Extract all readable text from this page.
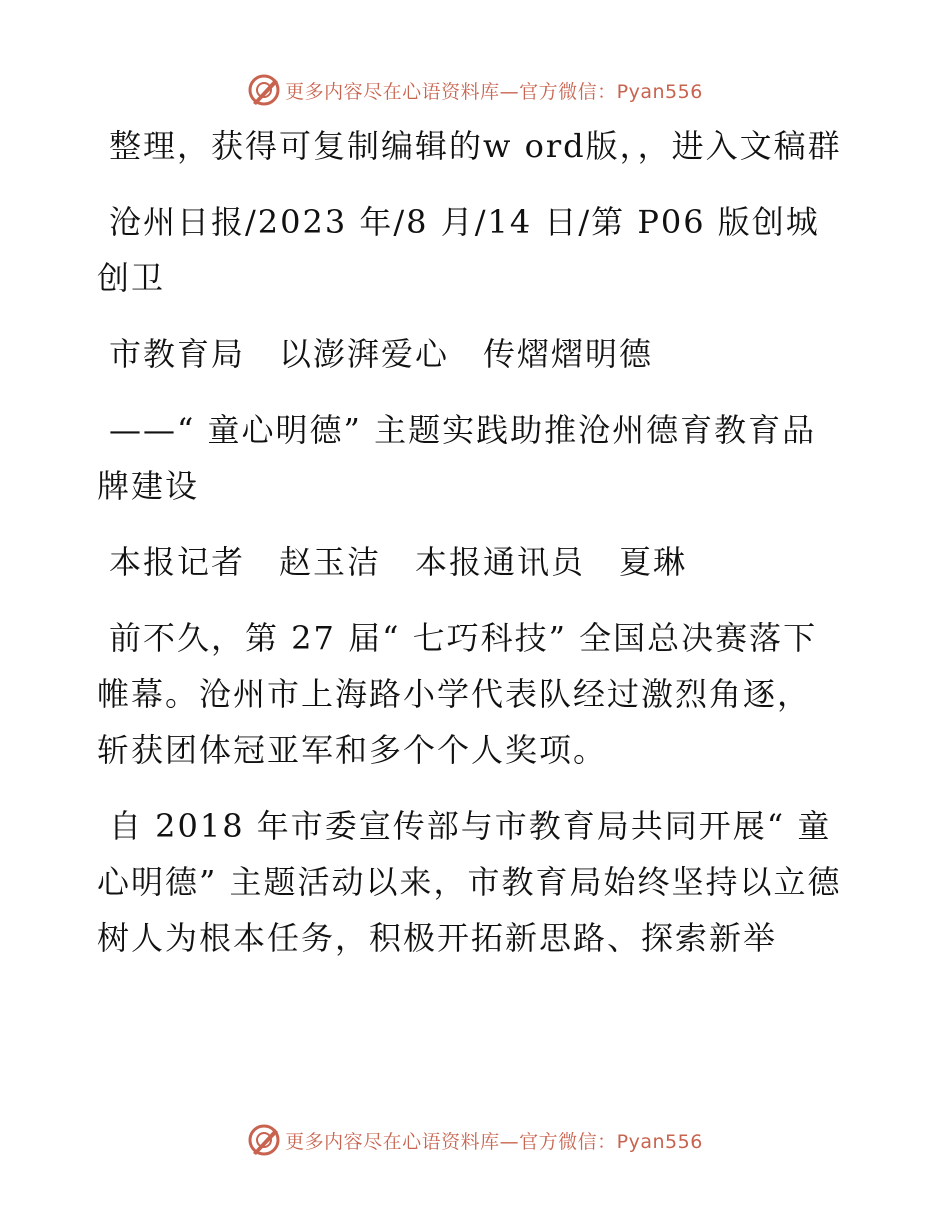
更多内容尽在心语资料库—官方微信：Pyan556

整理，获得可复制编辑的w ord版，，进入文稿群

沧州日报/2023 年/8 月/14 日/第 P06 版创城创卫

市教育局　以澎湃爱心　传熠熠明德

——“ 童心明德” 主题实践助推沧州德育教育品牌建设

本报记者　赵玉洁　本报通讯员　夏琳

前不久，第 27 届“ 七巧科技” 全国总决赛落下帷幕。沧州市上海路小学代表队经过激烈角逐，斩获团体冠亚军和多个个人奖项。

自 2018 年市委宣传部与市教育局共同开展“ 童心明德” 主题活动以来，市教育局始终坚持以立德树人为根本任务，积极开拓新思路、探索新举

更多内容尽在心语资料库—官方微信：Pyan556
